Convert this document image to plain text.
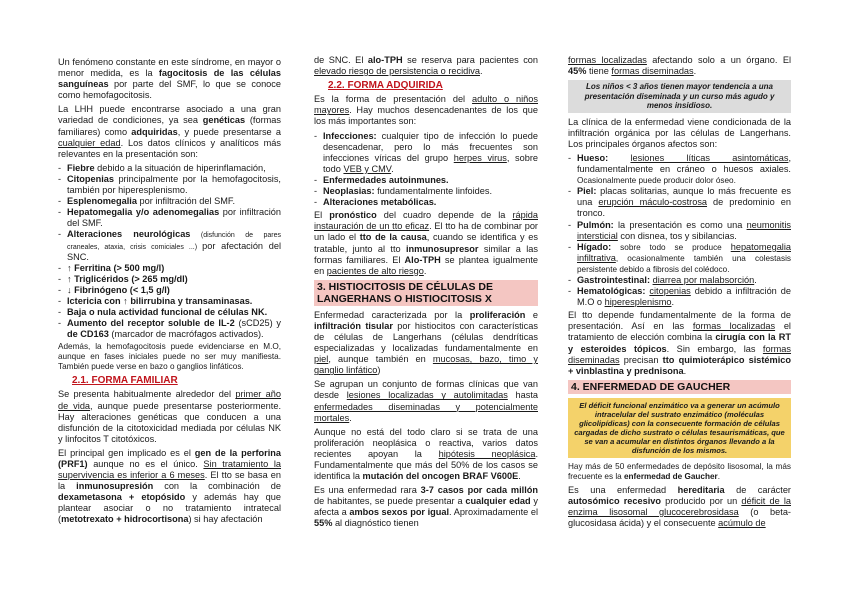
Un fenómeno constante en este síndrome, en mayor o menor medida, es la fagocitosis de las células sanguíneas por parte del SMF, lo que se conoce como hemofagocitosis.

La LHH puede encontrarse asociado a una gran variedad de condiciones, ya sea genéticas (formas familiares) como adquiridas, y puede presentarse a cualquier edad. Los datos clínicos y analíticos más relevantes en la presentación son:

- Fiebre debido a la situación de hiperinflamación,
- Citopenias principalmente por la hemofagocitosis, también por hiperesplenismo.
- Esplenomegalia por infiltración del SMF.
- Hepatomegalia y/o adenomegalias por infiltración del SMF.
- Alteraciones neurológicas (disfunción de pares craneales, ataxia, crisis comiciales ...) por afectación del SNC.
- ↑ Ferritina (> 500 mg/l)
- ↑ Triglicéridos (> 265 mg/dl)
- ↓ Fibrinógeno (< 1,5 g/l)
- Ictericia con ↑ bilirrubina y transaminasas.
- Baja o nula actividad funcional de células NK.
- Aumento del receptor soluble de IL-2 (sCD25) y de CD163 (marcador de macrófagos activados).

Además, la hemofagocitosis puede evidenciarse en M.O, aunque en fases iniciales puede no ser muy manifiesta. También puede verse en bazo o ganglios linfáticos.

2.1. FORMA FAMILIAR

Se presenta habitualmente alrededor del primer año de vida, aunque puede presentarse posteriormente. Hay alteraciones genéticas que conducen a una disfunción de la citotoxicidad mediada por células NK y linfocitos T citotóxicos.

El principal gen implicado es el gen de la perforina (PRF1) aunque no es el único. Sin tratamiento la supervivencia es inferior a 6 meses. El tto se basa en la inmunosupresión con la combinación de dexametasona + etopósido y además hay que plantear asociar o no tratamiento intratecal (metotrexato + hidrocortisona) si hay afectación

de SNC. El alo-TPH se reserva para pacientes con elevado riesgo de persistencia o recidiva.

2.2. FORMA ADQUIRIDA

Es la forma de presentación del adulto o niños mayores. Hay muchos desencadenantes de los que los más importantes son:

- Infecciones: cualquier tipo de infección lo puede desencadenar, pero lo más frecuentes son infecciones víricas del grupo herpes virus, sobre todo VEB y CMV.
- Enfermedades autoinmunes.
- Neoplasias: fundamentalmente linfoides.
- Alteraciones metabólicas.

El pronóstico del cuadro depende de la rápida instauración de un tto eficaz. El tto ha de combinar por un lado el tto de la causa, cuando se identifica y es tratable, junto al tto inmunosupresor similar a las formas familiares. El Alo-TPH se plantea igualmente en pacientes de alto riesgo.

3. HISTIOCITOSIS DE CÉLULAS DE LANGERHANS O HISTIOCITOSIS X

Enfermedad caracterizada por la proliferación e infiltración tisular por histiocitos con características de células de Langerhans (células dendríticas especializadas y localizadas fundamentalmente en piel, aunque también en mucosas, bazo, timo y ganglio linfático)

Se agrupan un conjunto de formas clínicas que van desde lesiones localizadas y autolimitadas hasta enfermedades diseminadas y potencialmente mortales.

Aunque no está del todo claro si se trata de una proliferación neoplásica o reactiva, varios datos recientes apoyan la hipótesis neoplásica. Fundamentalmente que más del 50% de los casos se identifica la mutación del oncogen BRAF V600E.

Es una enfermedad rara 3-7 casos por cada millón de habitantes, se puede presentar a cualquier edad y afecta a ambos sexos por igual. Aproximadamente el 55% al diagnóstico tienen

formas localizadas afectando solo a un órgano. El 45% tiene formas diseminadas.

Los niños < 3 años tienen mayor tendencia a una presentación diseminada y un curso más agudo y menos insidioso.

La clínica de la enfermedad viene condicionada de la infiltración orgánica por las células de Langerhans. Los principales órganos afectos son:

- Hueso: lesiones líticas asintomáticas, fundamentalmente en cráneo o huesos axiales. Ocasionalmente puede producir dolor óseo.
- Piel: placas solitarias, aunque lo más frecuente es una erupción máculo-costrosa de predominio en tronco.
- Pulmón: la presentación es como una neumonitis intersticial con disnea, tos y sibilancias.
- Hígado: sobre todo se produce hepatomegalia infiltrativa, ocasionalmente también una colestasis persistente debido a fibrosis del colédoco.
- Gastrointestinal: diarrea por malabsorción.
- Hematológicas: citopenias debido a infiltración de M.O o hiperesplenismo.

El tto depende fundamentalmente de la forma de presentación. Así en las formas localizadas el tratamiento de elección combina la cirugía con la RT y esteroides tópicos. Sin embargo, las formas diseminadas precisan tto quimioterápico sistémico + vinblastina y prednisona.

4. ENFERMEDAD DE GAUCHER
El déficit funcional enzimático va a generar un acúmulo intracelular del sustrato enzimático (moléculas glicolipídicas) con la consecuente formación de células cargadas de dicho sustrato o células tesaurismáticas, que se van a acumular en distintos órganos llevando a la disfunción de los mismos.

Hay más de 50 enfermedades de depósito lisosomal, la más frecuente es la enfermedad de Gaucher.

Es una enfermedad hereditaria de carácter autosómico recesivo producido por un déficit de la enzima lisosomal glucocerebrosidasa (o beta-glucosidasa ácida) y el consecuente acúmulo de
